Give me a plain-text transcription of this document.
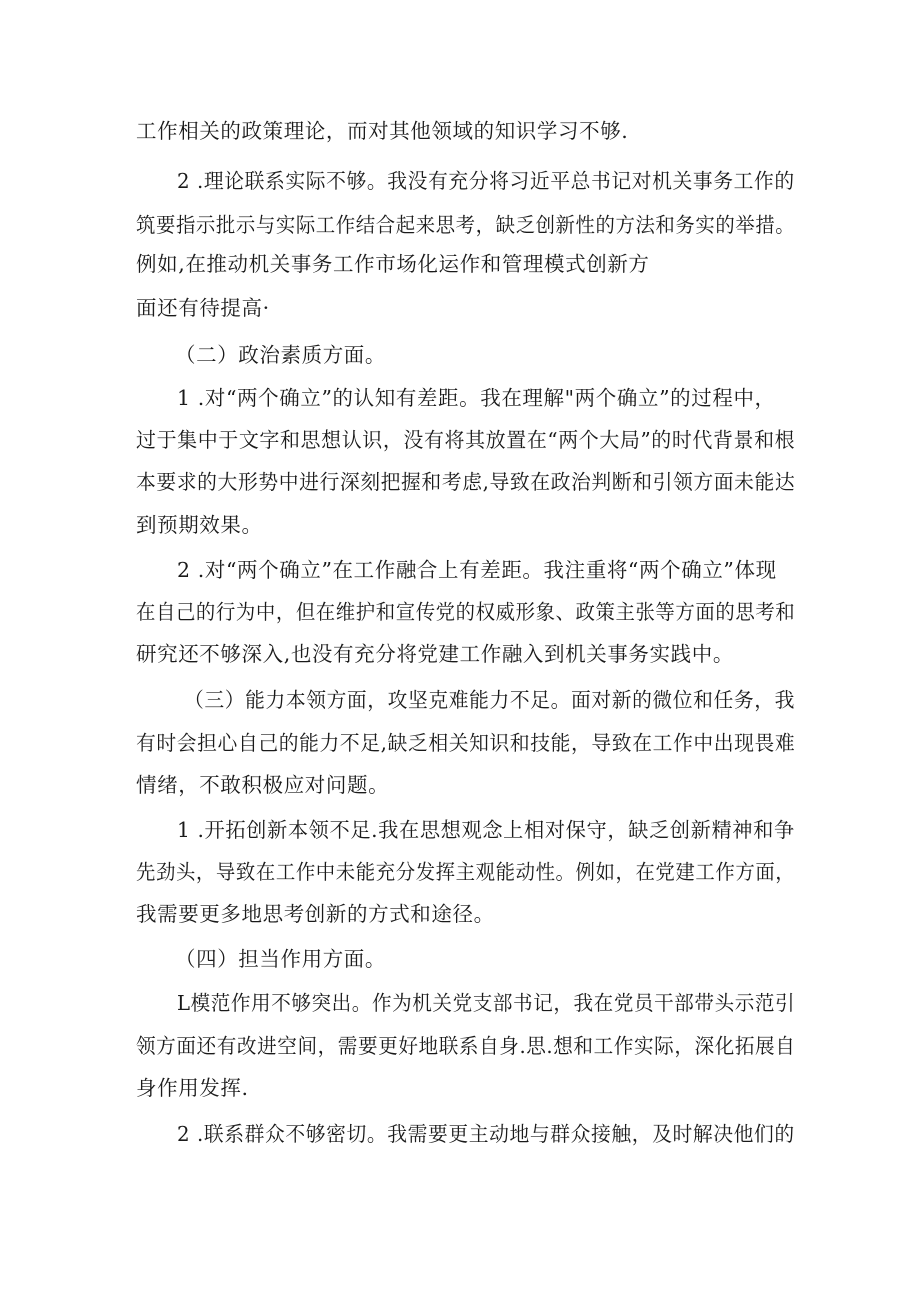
工作相关的政策理论，而对其他领域的知识学习不够.
2 .理论联系实际不够。我没有充分将习近平总书记对机关事务工作的
筑要指示批示与实际工作结合起来思考，缺乏创新性的方法和务实的举措。
例如,在推动机关事务工作市场化运作和管理模式创新方
面还有待提高·
（二）政治素质方面。
1 .对“两个确立”的认知有差距。我在理解"两个确立”的过程中，
过于集中于文字和思想认识，没有将其放置在“两个大局”的时代背景和根
本要求的大形势中进行深刻把握和考虑,导致在政治判断和引领方面未能达
到预期效果。
2 .对“两个确立”在工作融合上有差距。我注重将“两个确立”体现
在自己的行为中，但在维护和宣传党的权威形象、政策主张等方面的思考和
研究还不够深入,也没有充分将党建工作融入到机关事务实践中。
（三）能力本领方面，攻坚克难能力不足。面对新的微位和任务，我
有时会担心自己的能力不足,缺乏相关知识和技能，导致在工作中出现畏难
情绪，不敢积极应对问题。
1 .开拓创新本领不足.我在思想观念上相对保守，缺乏创新精神和争
先劲头，导致在工作中未能充分发挥主观能动性。例如，在党建工作方面，
我需要更多地思考创新的方式和途径。
（四）担当作用方面。
L模范作用不够突出。作为机关党支部书记，我在党员干部带头示范引
领方面还有改进空间，需要更好地联系自身.思.想和工作实际，深化拓展自
身作用发挥.
2 .联系群众不够密切。我需要更主动地与群众接触，及时解决他们的
